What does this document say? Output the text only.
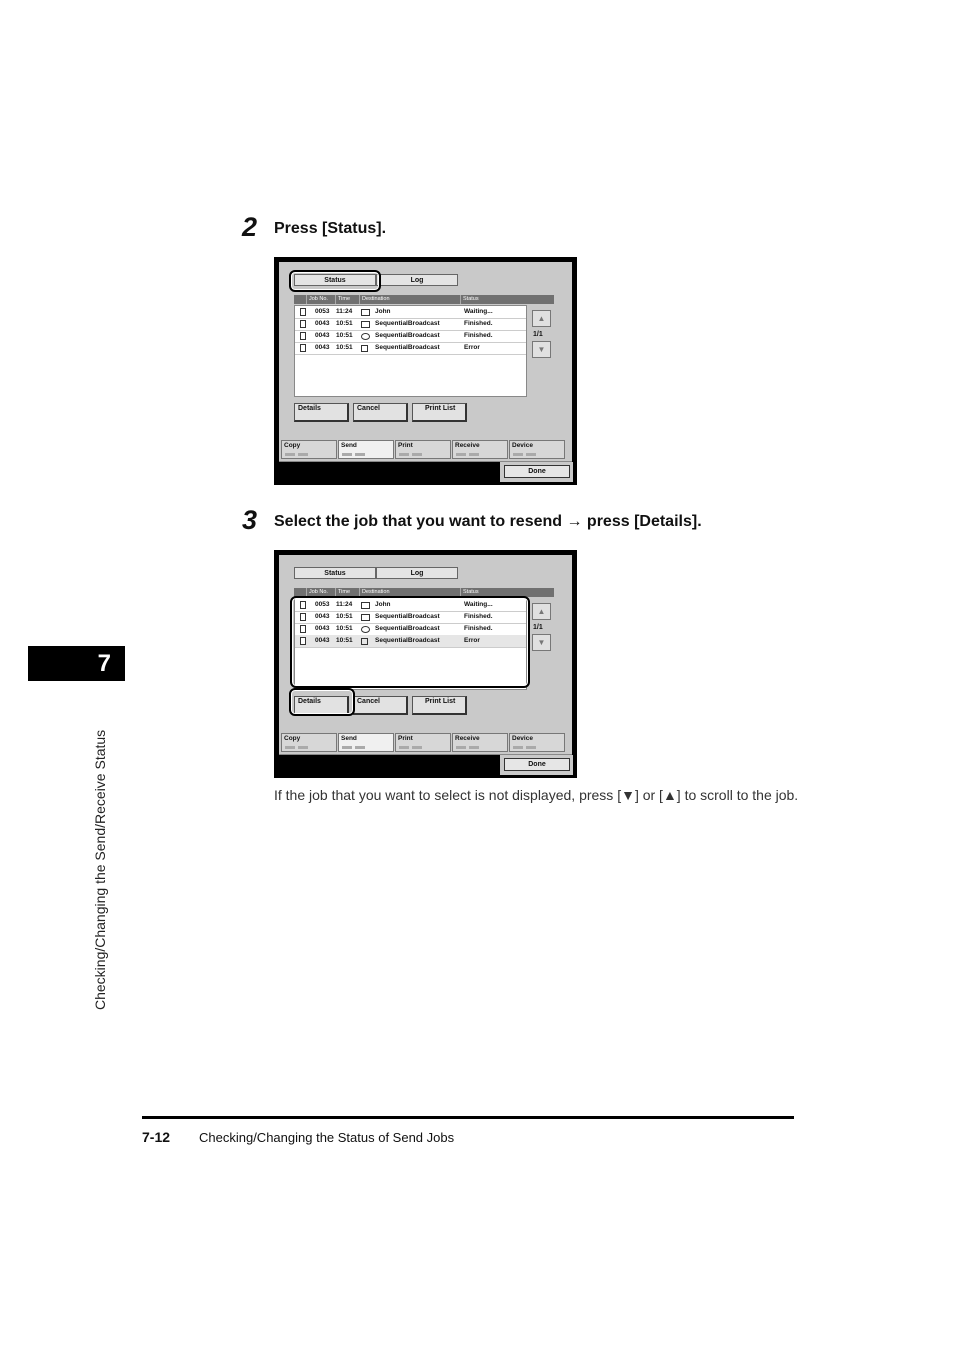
7
Checking/Changing the Send/Receive Status
2 Press [Status].
Status	Log
Job No.	Time	Destination	Status
0053 11:24	John	Waiting...
0043 10:51	SequentialBroadcast	Finished.
0043 10:51	SequentialBroadcast	Finished.
0043 10:51	SequentialBroadcast	Error
▲
1/1
▼
Details	Cancel	Print List
Copy	Send	Print	Receive	Device
Done
3 Select the job that you want to resend → press [Details].
Status	Log
Job No.	Time	Destination	Status
0053 11:24	John	Waiting...
0043 10:51	SequentialBroadcast	Finished.
0043 10:51	SequentialBroadcast	Finished.
0043 10:51	SequentialBroadcast	Error
▲
1/1
▼
Details	Cancel	Print List
Copy	Send	Print	Receive	Device
Done
If the job that you want to select is not displayed, press [▼] or [▲] to scroll to the job.
7-12 Checking/Changing the Status of Send Jobs
